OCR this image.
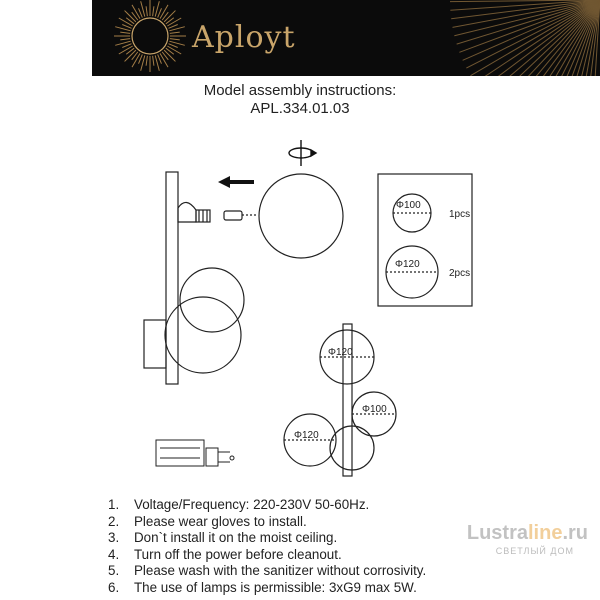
Aployt
Model assembly instructions:
APL.334.01.03
Φ100
1pcs
Φ120
2pcs
Φ120
Φ100
Φ120
1.	Voltage/Frequency: 220-230V 50-60Hz.
2.	Please wear gloves to install.
3.	Don`t install it on the moist ceiling.
4.	Turn off the power before cleanout.
5.	Please wash with the sanitizer without corrosivity.
6.	The use of lamps is permissible: 3xG9 max 5W.
Lustraline.ru
СВЕТЛЫЙ ДОМ
